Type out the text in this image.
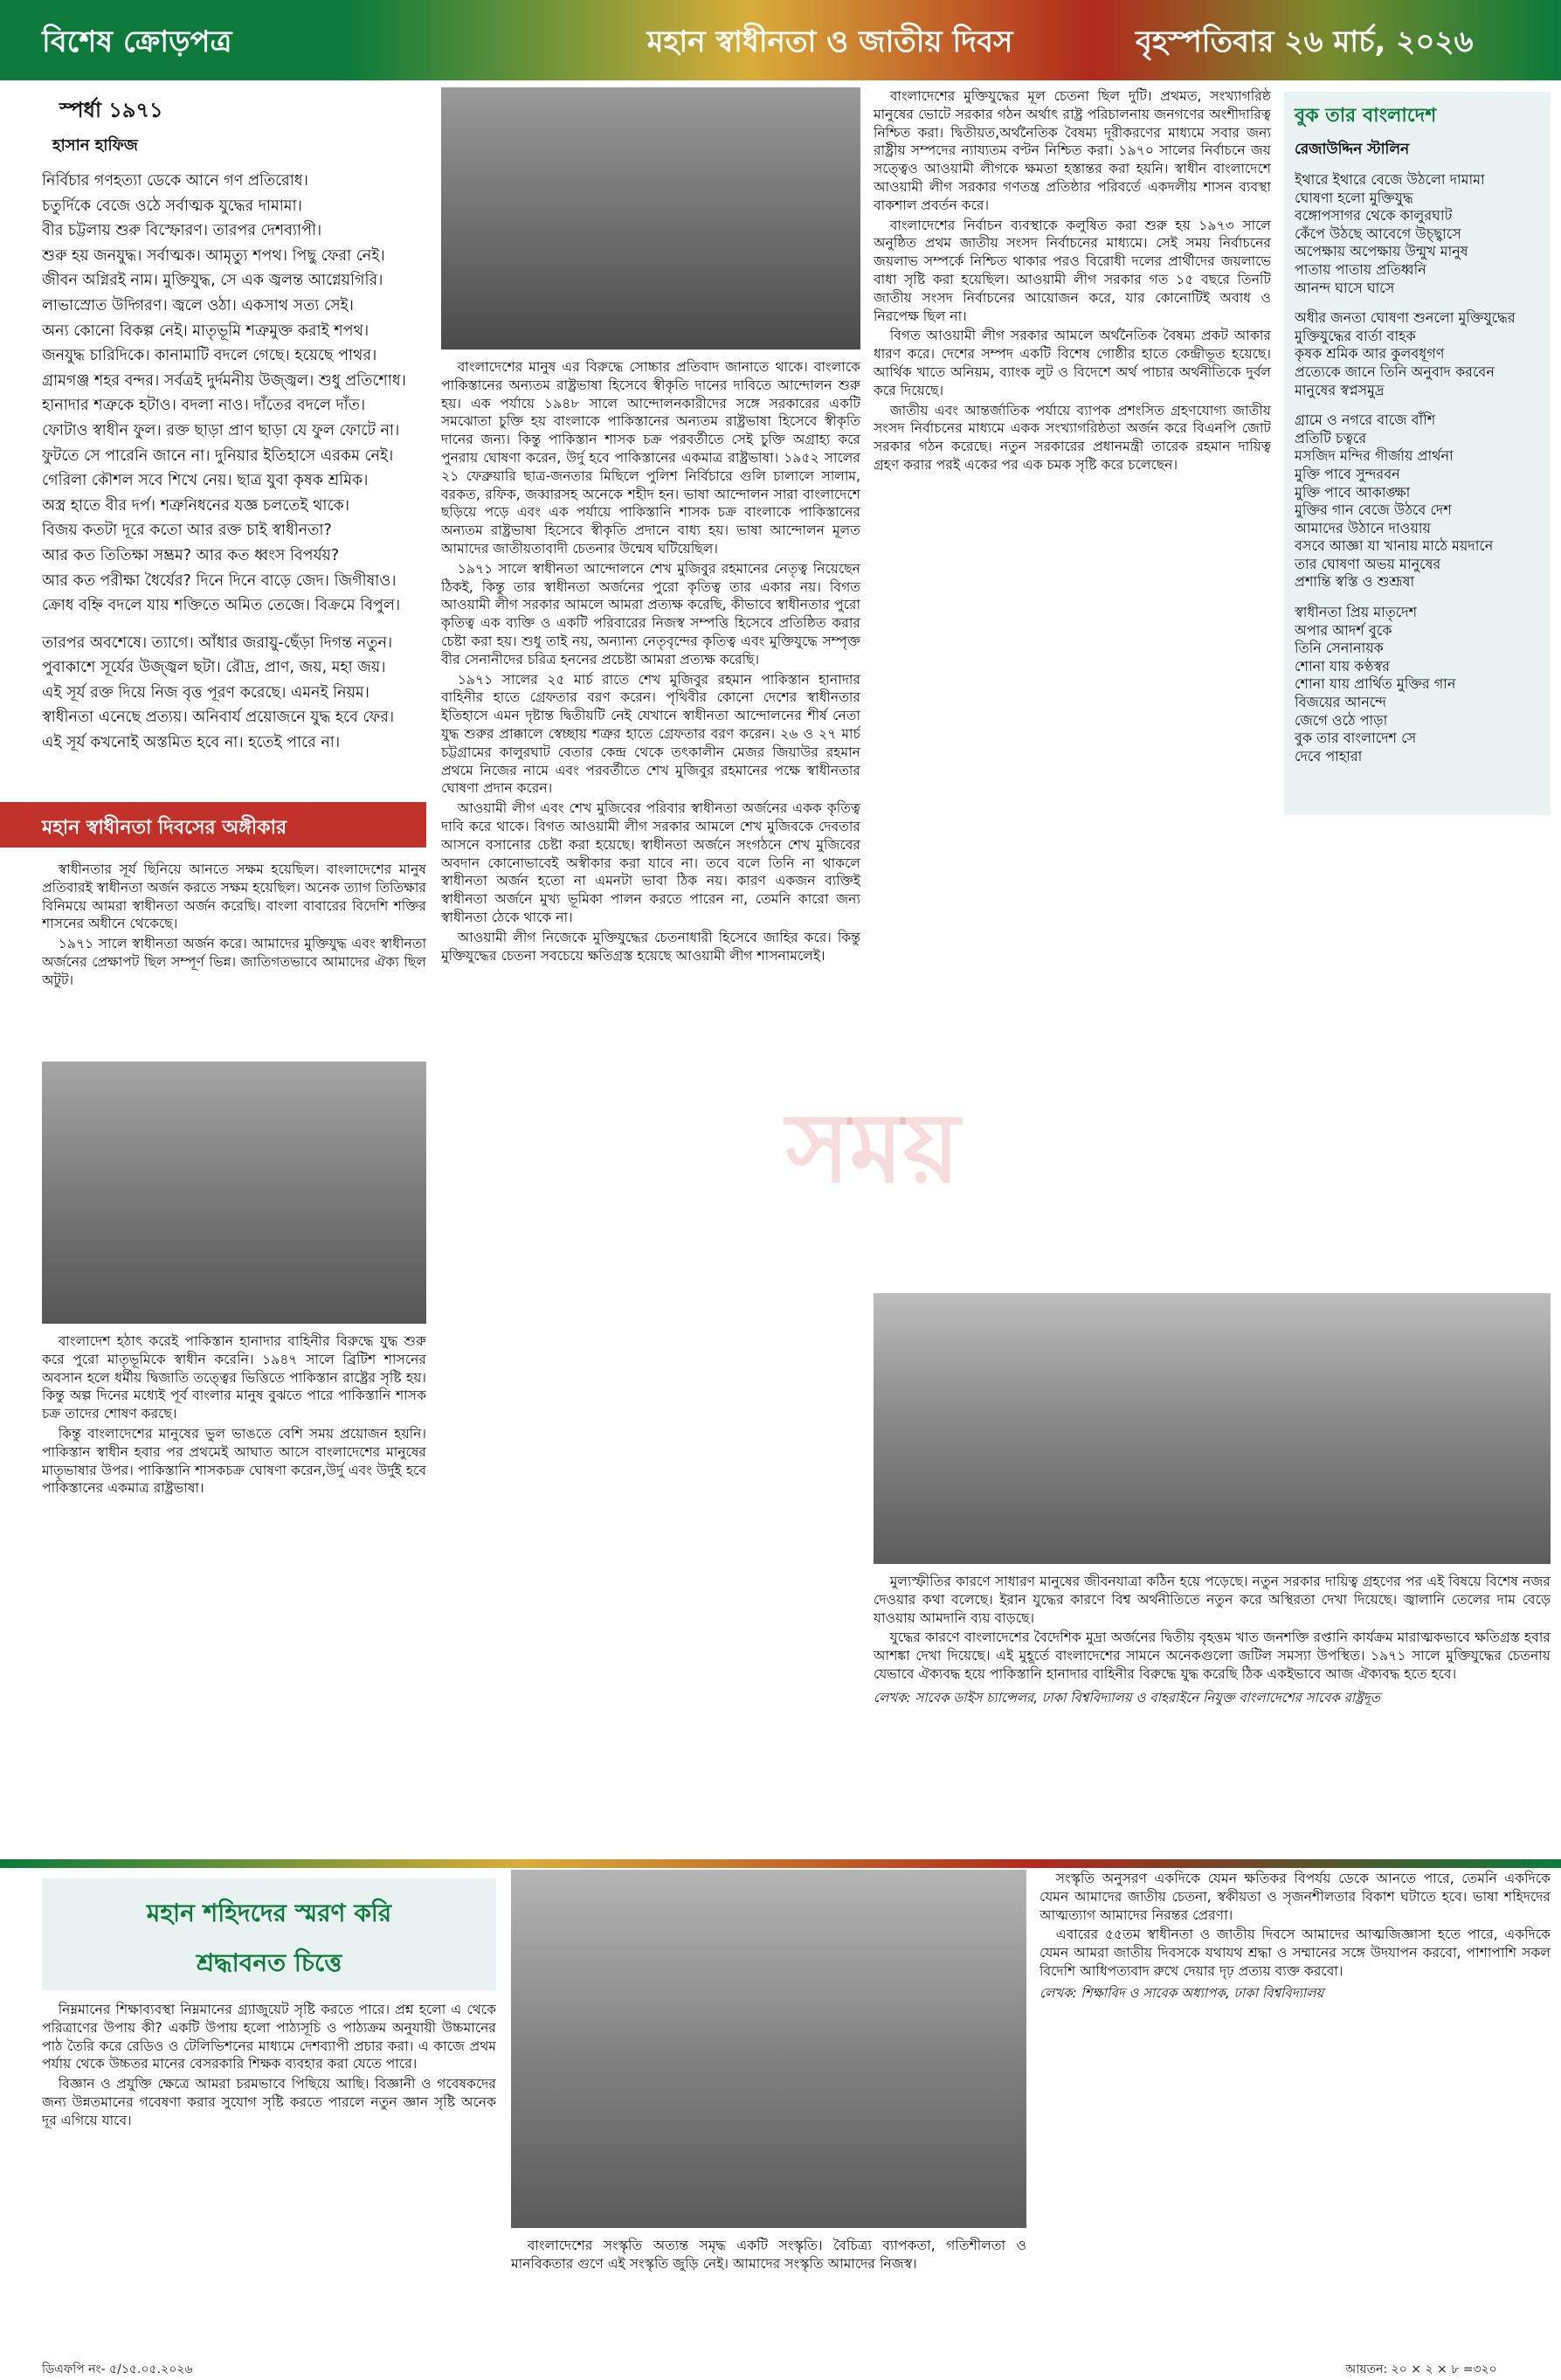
বিশেষ ক্রোড়পত্র	মহান স্বাধীনতা ও জাতীয় দিবস	বৃহস্পতিবার ২৬ মার্চ, ২০২৬
স্পর্ধা ১৯৭১
হাসান হাফিজ
নির্বিচার গণহত্যা ডেকে আনে গণ প্রতিরোধ।
চতুর্দিকে বেজে ওঠে সর্বাত্মক যুদ্ধের দামামা।
বীর চট্টলায় শুরু বিস্ফোরণ। তারপর দেশব্যাপী।
শুরু হয় জনযুদ্ধ। সর্বাত্মক। আমৃত্যু শপথ। পিছু ফেরা নেই।
জীবন অগ্নিরই নাম। মুক্তিযুদ্ধ, সে এক জ্বলন্ত আগ্নেয়গিরি।
লাভাস্রোত উদ্গিরণ। জ্বলে ওঠা। একসাথ সত্য সেই।
অন্য কোনো বিকল্প নেই। মাতৃভূমি শত্রুমুক্ত করাই শপথ।
জনযুদ্ধ চারিদিকে। কানামাটি বদলে গেছে। হয়েছে পাথর।
গ্রামগঞ্জ শহর বন্দর। সর্বত্রই দুর্দমনীয় উজ্জ্বল। শুধু প্রতিশোধ।
হানাদার শত্রুকে হটাও। বদলা নাও। দাঁতের বদলে দাঁত।
ফোটাও স্বাধীন ফুল। রক্ত ছাড়া প্রাণ ছাড়া যে ফুল ফোটে না।
ফুটতে সে পারেনি জানে না। দুনিয়ার ইতিহাসে এরকম নেই।
গেরিলা কৌশল সবে শিখে নেয়। ছাত্র যুবা কৃষক শ্রমিক।
অস্ত্র হাতে বীর দর্প। শত্রুনিধনের যজ্ঞ চলতেই থাকে।
বিজয় কতটা দূরে কতো আর রক্ত চাই স্বাধীনতা?
আর কত তিতিক্ষা সম্ভ্রম? আর কত ধ্বংস বিপর্যয়?
আর কত পরীক্ষা ধৈর্যের? দিনে দিনে বাড়ে জেদ। জিগীষাও।
ক্রোধ বহ্নি বদলে যায় শক্তিতে অমিত তেজে। বিক্রমে বিপুল।
তারপর অবশেষে। ত্যাগে। আঁধার জরায়ু-ছেঁড়া দিগন্ত নতুন।
পুবাকাশে সূর্যের উজ্জ্বল ছটা। রৌদ্র, প্রাণ, জয়, মহা জয়।
এই সূর্য রক্ত দিয়ে নিজ বৃত্ত পূরণ করেছে। এমনই নিয়ম।
স্বাধীনতা এনেছে প্রত্যয়। অনিবার্য প্রয়োজনে যুদ্ধ হবে ফের।
এই সূর্য কখনোই অস্তমিত হবে না। হতেই পারে না।

বাংলাদেশের মানুষ এর বিরুদ্ধে সোচ্চার প্রতিবাদ জানাতে থাকে। বাংলাকে পাকিস্তানের অন্যতম রাষ্ট্রভাষা হিসেবে স্বীকৃতি দানের দাবিতে আন্দোলন শুরু হয়। এক পর্যায়ে ১৯৪৮ সালে আন্দোলনকারীদের সঙ্গে সরকারের একটি সমঝোতা চুক্তি হয় বাংলাকে পাকিস্তানের অন্যতম রাষ্ট্রভাষা হিসেবে স্বীকৃতি দানের জন্য। কিন্তু পাকিস্তান শাসক চক্র পরবর্তীতে সেই চুক্তি অগ্রাহ্য করে পুনরায় ঘোষণা করেন, উর্দু হবে পাকিস্তানের একমাত্র রাষ্ট্রভাষা। ১৯৫২ সালের ২১ ফেব্রুয়ারি ছাত্র-জনতার মিছিলে পুলিশ নির্বিচারে গুলি চালালে সালাম, বরকত, রফিক, জব্বারসহ অনেকে শহীদ হন। ভাষা আন্দোলন সারা বাংলাদেশে ছড়িয়ে পড়ে এবং এক পর্যায়ে পাকিস্তানি শাসক চক্র বাংলাকে পাকিস্তানের অন্যতম রাষ্ট্রভাষা হিসেবে স্বীকৃতি প্রদানে বাধ্য হয়। ভাষা আন্দোলন মূলত আমাদের জাতীয়তাবাদী চেতনার উন্মেষ ঘটিয়েছিল।

১৯৭১ সালে স্বাধীনতা আন্দোলনে শেখ মুজিবুর রহমানের নেতৃত্ব নিয়েছেন ঠিকই, কিন্তু তার স্বাধীনতা অর্জনের পুরো কৃতিত্ব তার একার নয়। বিগত আওয়ামী লীগ সরকার আমলে আমরা প্রত্যক্ষ করেছি, কীভাবে স্বাধীনতার পুরো কৃতিত্ব এক ব্যক্তি ও একটি পরিবারের নিজস্ব সম্পত্তি হিসেবে প্রতিষ্ঠিত করার চেষ্টা করা হয়। শুধু তাই নয়, অন্যান্য নেতৃবৃন্দের কৃতিত্ব এবং মুক্তিযুদ্ধে সম্পৃক্ত বীর সেনানীদের চরিত্র হননের প্রচেষ্টা আমরা প্রত্যক্ষ করেছি।

১৯৭১ সালের ২৫ মার্চ রাতে শেখ মুজিবুর রহমান পাকিস্তান হানাদার বাহিনীর হাতে গ্রেফতার বরণ করেন। পৃথিবীর কোনো দেশের স্বাধীনতার ইতিহাসে এমন দৃষ্টান্ত দ্বিতীয়টি নেই যেখানে স্বাধীনতা আন্দোলনের শীর্ষ নেতা যুদ্ধ শুরুর প্রাক্কালে স্বেচ্ছায় শত্রুর হাতে গ্রেফতার বরণ করেন। ২৬ ও ২৭ মার্চ চট্টগ্রামের কালুরঘাট বেতার কেন্দ্র থেকে তৎকালীন মেজর জিয়াউর রহমান প্রথমে নিজের নামে এবং পরবর্তীতে শেখ মুজিবুর রহমানের পক্ষে স্বাধীনতার ঘোষণা প্রদান করেন।

আওয়ামী লীগ এবং শেখ মুজিবের পরিবার স্বাধীনতা অর্জনের একক কৃতিত্ব দাবি করে থাকে। বিগত আওয়ামী লীগ সরকার আমলে শেখ মুজিবকে দেবতার আসনে বসানোর চেষ্টা করা হয়েছে। স্বাধীনতা অর্জনে সংগঠনে শেখ মুজিবের অবদান কোনোভাবেই অস্বীকার করা যাবে না। তবে বলে তিনি না থাকলে স্বাধীনতা অর্জন হতো না এমনটা ভাবা ঠিক নয়। কারণ একজন ব্যক্তিই স্বাধীনতা অর্জনে মুখ্য ভূমিকা পালন করতে পারেন না, তেমনি কারো জন্য স্বাধীনতা ঠেকে থাকে না।

আওয়ামী লীগ নিজেকে মুক্তিযুদ্ধের চেতনাধারী হিসেবে জাহির করে। কিন্তু মুক্তিযুদ্ধের চেতনা সবচেয়ে ক্ষতিগ্রস্ত হয়েছে আওয়ামী লীগ শাসনামলেই।

বাংলাদেশের মুক্তিযুদ্ধের মূল চেতনা ছিল দুটি। প্রথমত, সংখ্যাগরিষ্ঠ মানুষের ভোটে সরকার গঠন অর্থাৎ রাষ্ট্র পরিচালনায় জনগণের অংশীদারিত্ব নিশ্চিত করা। দ্বিতীয়ত,অর্থনৈতিক বৈষম্য দূরীকরণের মাধ্যমে সবার জন্য রাষ্ট্রীয় সম্পদের ন্যায্যতম বণ্টন নিশ্চিত করা। ১৯৭০ সালের নির্বাচনে জয় সত্ত্বেও আওয়ামী লীগকে ক্ষমতা হস্তান্তর করা হয়নি। স্বাধীন বাংলাদেশে আওয়ামী লীগ সরকার গণতন্ত্র প্রতিষ্ঠার পরিবর্তে একদলীয় শাসন ব্যবস্থা বাকশাল প্রবর্তন করে।

বাংলাদেশের নির্বাচন ব্যবস্থাকে কলুষিত করা শুরু হয় ১৯৭৩ সালে অনুষ্ঠিত প্রথম জাতীয় সংসদ নির্বাচনের মাধ্যমে। সেই সময় নির্বাচনের জয়লাভ সম্পর্কে নিশ্চিত থাকার পরও বিরোধী দলের প্রার্থীদের জয়লাভে বাধা সৃষ্টি করা হয়েছিল। আওয়ামী লীগ সরকার গত ১৫ বছরে তিনটি জাতীয় সংসদ নির্বাচনের আয়োজন করে, যার কোনোটিই অবাধ ও নিরপেক্ষ ছিল না।

বিগত আওয়ামী লীগ সরকার আমলে অর্থনৈতিক বৈষম্য প্রকট আকার ধারণ করে। দেশের সম্পদ একটি বিশেষ গোষ্ঠীর হাতে কেন্দ্রীভূত হয়েছে। আর্থিক খাতে অনিয়ম, ব্যাংক লুট ও বিদেশে অর্থ পাচার অর্থনীতিকে দুর্বল করে দিয়েছে।

জাতীয় এবং আন্তর্জাতিক পর্যায়ে ব্যাপক প্রশংসিত গ্রহণযোগ্য জাতীয় সংসদ নির্বাচনের মাধ্যমে একক সংখ্যাগরিষ্ঠতা অর্জন করে বিএনপি জোট সরকার গঠন করেছে। নতুন সরকারের প্রধানমন্ত্রী তারেক রহমান দায়িত্ব গ্রহণ করার পরই একের পর এক চমক সৃষ্টি করে চলেছেন।

বুক তার বাংলাদেশ
রেজাউদ্দিন স্টালিন
ইথারে ইথারে বেজে উঠলো দামামা
ঘোষণা হলো মুক্তিযুদ্ধ
বঙ্গোপসাগর থেকে কালুরঘাট
কেঁপে উঠছে আবেগে উচ্ছ্বাসে
অপেক্ষায় অপেক্ষায় উন্মুখ মানুষ
পাতায় পাতায় প্রতিধ্বনি
আনন্দ ঘাসে ঘাসে
অধীর জনতা ঘোষণা শুনলো মুক্তিযুদ্ধের
মুক্তিযুদ্ধের বার্তা বাহক
কৃষক শ্রমিক আর কুলবধূগণ
প্রত্যেকে জানে তিনি অনুবাদ করবেন
মানুষের স্বপ্নসমুদ্র
গ্রামে ও নগরে বাজে বাঁশি
প্রতিটি চত্বরে
মসজিদ মন্দির গীর্জায় প্রার্থনা
মুক্তি পাবে সুন্দরবন
মুক্তি পাবে আকাঙ্ক্ষা
মুক্তির গান বেজে উঠবে দেশ
আমাদের উঠানে দাওয়ায়
বসবে আজ্ঞা যা খানায় মাঠে ময়দানে
তার ঘোষণা অভয় মানুষের
প্রশান্তি স্বস্তি ও শুশ্রূষা
স্বাধীনতা প্রিয় মাতৃদেশ
অপার আদর্শ বুকে
তিনি সেনানায়ক
শোনা যায় কণ্ঠস্বর
শোনা যায় প্রার্থিত মুক্তির গান
বিজয়ের আনন্দে
জেগে ওঠে পাড়া
বুক তার বাংলাদেশ সে
দেবে পাহারা
মহান স্বাধীনতা দিবসের অঙ্গীকার

স্বাধীনতার সূর্য ছিনিয়ে আনতে সক্ষম হয়েছিল। বাংলাদেশের মানুষ প্রতিবারই স্বাধীনতা অর্জন করতে সক্ষম হয়েছিল। অনেক ত্যাগ তিতিক্ষার বিনিময়ে আমরা স্বাধীনতা অর্জন করেছি। বাংলা বাবারের বিদেশি শক্তির শাসনের অধীনে থেকেছে।

১৯৭১ সালে স্বাধীনতা অর্জন করে। আমাদের মুক্তিযুদ্ধ এবং স্বাধীনতা অর্জনের প্রেক্ষাপট ছিল সম্পূর্ণ ভিন্ন। জাতিগতভাবে আমাদের ঐক্য ছিল অটুট।

বাংলাদেশ হঠাৎ করেই পাকিস্তান হানাদার বাহিনীর বিরুদ্ধে যুদ্ধ শুরু করে পুরো মাতৃভূমিকে স্বাধীন করেনি। ১৯৪৭ সালে ব্রিটিশ শাসনের অবসান হলে ধর্মীয় দ্বিজাতি তত্ত্বের ভিত্তিতে পাকিস্তান রাষ্ট্রের সৃষ্টি হয়। কিন্তু অল্প দিনের মধ্যেই পূর্ব বাংলার মানুষ বুঝতে পারে পাকিস্তানি শাসক চক্র তাদের শোষণ করছে।

কিন্তু বাংলাদেশের মানুষের ভুল ভাঙতে বেশি সময় প্রয়োজন হয়নি। পাকিস্তান স্বাধীন হবার পর প্রথমেই আঘাত আসে বাংলাদেশের মানুষের মাতৃভাষার উপর। পাকিস্তানি শাসকচক্র ঘোষণা করেন,উর্দু এবং উর্দুই হবে পাকিস্তানের একমাত্র রাষ্ট্রভাষা।

মুল্যস্ফীতির কারণে সাধারণ মানুষের জীবনযাত্রা কঠিন হয়ে পড়েছে। নতুন সরকার দায়িত্ব গ্রহণের পর এই বিষয়ে বিশেষ নজর দেওয়ার কথা বলেছে। ইরান যুদ্ধের কারণে বিশ্ব অর্থনীতিতে নতুন করে অস্থিরতা দেখা দিয়েছে। জ্বালানি তেলের দাম বেড়ে যাওয়ায় আমদানি ব্যয় বাড়ছে।

যুদ্ধের কারণে বাংলাদেশের বৈদেশিক মুদ্রা অর্জনের দ্বিতীয় বৃহত্তম খাত জনশক্তি রপ্তানি কার্যক্রম মারাত্মকভাবে ক্ষতিগ্রস্ত হবার আশঙ্কা দেখা দিয়েছে। এই মুহূর্তে বাংলাদেশের সামনে অনেকগুলো জটিল সমস্যা উপস্থিত। ১৯৭১ সালে মুক্তিযুদ্ধের চেতনায় যেভাবে ঐক্যবদ্ধ হয়ে পাকিস্তানি হানাদার বাহিনীর বিরুদ্ধে যুদ্ধ করেছি ঠিক একইভাবে আজ ঐক্যবদ্ধ হতে হবে।

লেখক: সাবেক ডাইস চ্যান্সেলর, ঢাকা বিশ্ববিদ্যালয় ও বাহরাইনে নিযুক্ত বাংলাদেশের সাবেক রাষ্ট্রদূত
সময়
মহান শহিদদের স্মরণ করি
শ্রদ্ধাবনত চিত্তে

নিম্নমানের শিক্ষাব্যবস্থা নিম্নমানের গ্র্যাজুয়েট সৃষ্টি করতে পারে। প্রশ্ন হলো এ থেকে পরিত্রাণের উপায় কী? একটি উপায় হলো পাঠ্যসূচি ও পাঠ্যক্রম অনুযায়ী উচ্চমানের পাঠ তৈরি করে রেডিও ও টেলিভিশনের মাধ্যমে দেশব্যাপী প্রচার করা। এ কাজে প্রথম পর্যায় থেকে উচ্চতর মানের বেসরকারি শিক্ষক ব্যবহার করা যেতে পারে।

বিজ্ঞান ও প্রযুক্তি ক্ষেত্রে আমরা চরমভাবে পিছিয়ে আছি। বিজ্ঞানী ও গবেষকদের জন্য উন্নতমানের গবেষণা করার সুযোগ সৃষ্টি করতে পারলে নতুন জ্ঞান সৃষ্টি অনেক দূর এগিয়ে যাবে।

বাংলাদেশের সংস্কৃতি অত্যন্ত সমৃদ্ধ একটি সংস্কৃতি। বৈচিত্র্য ব্যাপকতা, গতিশীলতা ও মানবিকতার গুণে এই সংস্কৃতি জুড়ি নেই। আমাদের সংস্কৃতি আমাদের নিজস্ব।

সংস্কৃতি অনুসরণ একদিকে যেমন ক্ষতিকর বিপর্যয় ডেকে আনতে পারে, তেমনি একদিকে যেমন আমাদের জাতীয় চেতনা, স্বকীয়তা ও সৃজনশীলতার বিকাশ ঘটাতে হবে। ভাষা শহিদদের আত্মত্যাগ আমাদের নিরন্তর প্রেরণা।

এবারের ৫৫তম স্বাধীনতা ও জাতীয় দিবসে আমাদের আত্মজিজ্ঞাসা হতে পারে, একদিকে যেমন আমরা জাতীয় দিবসকে যথাযথ শ্রদ্ধা ও সম্মানের সঙ্গে উদযাপন করবো, পাশাপাশি সকল বিদেশি আধিপত্যবাদ রুখে দেয়ার দৃঢ় প্রত্যয় ব্যক্ত করবো।

লেখক: শিক্ষাবিদ ও সাবেক অধ্যাপক, ঢাকা বিশ্ববিদ্যালয়
ডিএফপি নং- ৫/১৫.০৫.২০২৬	আয়তন: ২০ × ২ × ৮ =৩২০
